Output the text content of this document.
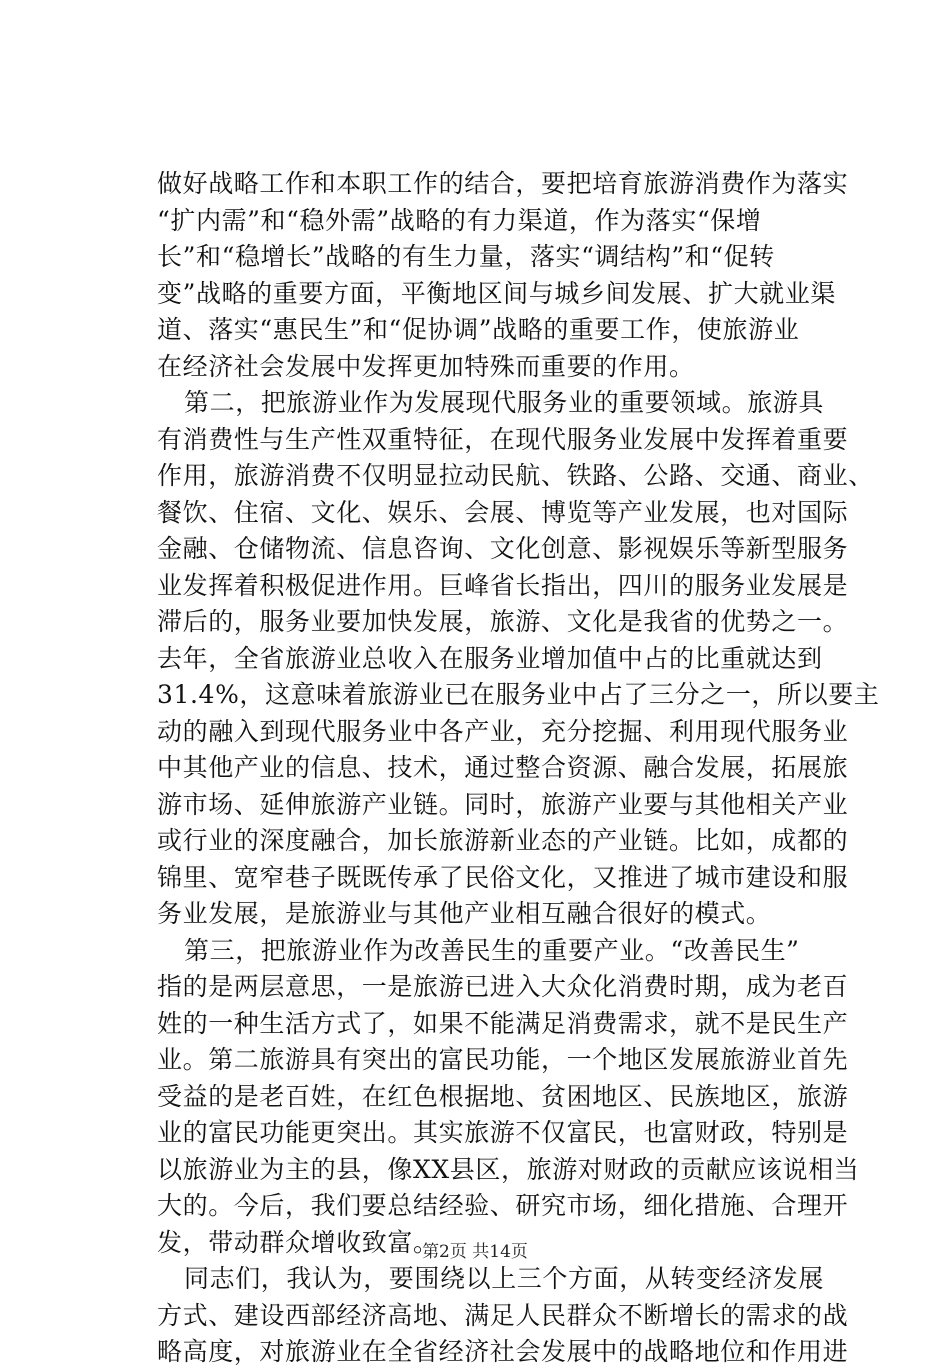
做好战略工作和本职工作的结合，要把培育旅游消费作为落实
“扩内需”和“稳外需”战略的有力渠道，作为落实“保增
长”和“稳增长”战略的有生力量，落实“调结构”和“促转
变”战略的重要方面，平衡地区间与城乡间发展、扩大就业渠
道、落实“惠民生”和“促协调”战略的重要工作，使旅游业
在经济社会发展中发挥更加特殊而重要的作用。
第二，把旅游业作为发展现代服务业的重要领域。旅游具
有消费性与生产性双重特征，在现代服务业发展中发挥着重要
作用，旅游消费不仅明显拉动民航、铁路、公路、交通、商业、
餐饮、住宿、文化、娱乐、会展、博览等产业发展，也对国际
金融、仓储物流、信息咨询、文化创意、影视娱乐等新型服务
业发挥着积极促进作用。巨峰省长指出，四川的服务业发展是
滞后的，服务业要加快发展，旅游、文化是我省的优势之一。
去年，全省旅游业总收入在服务业增加值中占的比重就达到
31.4%，这意味着旅游业已在服务业中占了三分之一，所以要主
动的融入到现代服务业中各产业，充分挖掘、利用现代服务业
中其他产业的信息、技术，通过整合资源、融合发展，拓展旅
游市场、延伸旅游产业链。同时，旅游产业要与其他相关产业
或行业的深度融合，加长旅游新业态的产业链。比如，成都的
锦里、宽窄巷子既既传承了民俗文化，又推进了城市建设和服
务业发展，是旅游业与其他产业相互融合很好的模式。
第三，把旅游业作为改善民生的重要产业。“改善民生”
指的是两层意思，一是旅游已进入大众化消费时期，成为老百
姓的一种生活方式了，如果不能满足消费需求，就不是民生产
业。第二旅游具有突出的富民功能，一个地区发展旅游业首先
受益的是老百姓，在红色根据地、贫困地区、民族地区，旅游
业的富民功能更突出。其实旅游不仅富民，也富财政，特别是
以旅游业为主的县，像XX县区，旅游对财政的贡献应该说相当
大的。今后，我们要总结经验、研究市场，细化措施、合理开
发，带动群众增收致富。
同志们，我认为，要围绕以上三个方面，从转变经济发展
方式、建设西部经济高地、满足人民群众不断增长的需求的战
略高度，对旅游业在全省经济社会发展中的战略地位和作用进
第2页 共14页
